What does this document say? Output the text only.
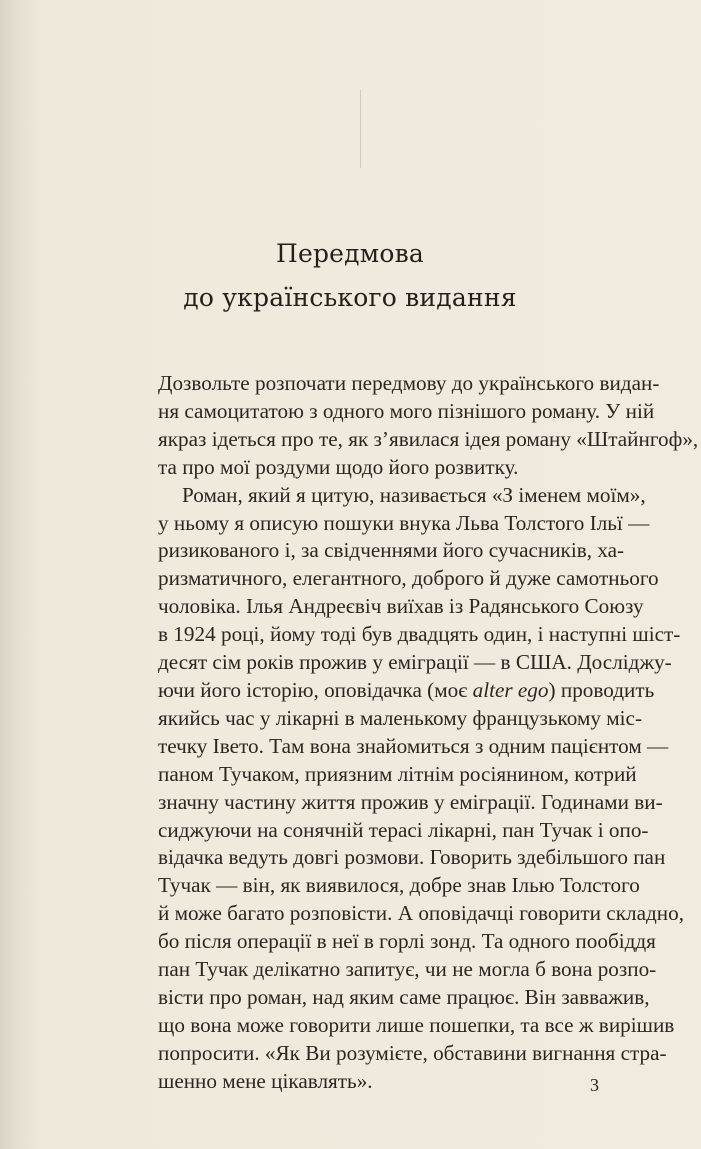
Передмова
до українського видання
Дозвольте розпочати передмову до українського видан-
ня самоцитатою з одного мого пізнішого роману. У ній
якраз ідеться про те, як з’явилася ідея роману «Штайнгоф»,
та про мої роздуми щодо його розвитку.
Роман, який я цитую, називається «З іменем моїм»,
у ньому я описую пошуки внука Льва Толстого Ільї —
ризикованого і, за свідченнями його сучасників, ха-
ризматичного, елегантного, доброго й дуже самотнього
чоловіка. Ілья Андреєвіч виїхав із Радянського Союзу
в 1924 році, йому тоді був двадцять один, і наступні шіст-
десят сім років прожив у еміграції — в США. Досліджу-
ючи його історію, оповідачка (моє alter ego) проводить
якийсь час у лікарні в маленькому французькому міс-
течку Івето. Там вона знайомиться з одним пацієнтом —
паном Тучаком, приязним літнім росіянином, котрий
значну частину життя прожив у еміграції. Годинами ви-
сиджуючи на сонячній терасі лікарні, пан Тучак і опо-
відачка ведуть довгі розмови. Говорить здебільшого пан
Тучак — він, як виявилося, добре знав Ілью Толстого
й може багато розповісти. А оповідачці говорити складно,
бо після операції в неї в горлі зонд. Та одного пообіддя
пан Тучак делікатно запитує, чи не могла б вона розпо-
вісти про роман, над яким саме працює. Він завважив,
що вона може говорити лише пошепки, та все ж вирішив
попросити. «Як Ви розумієте, обставини вигнання стра-
шенно мене цікавлять».	3
